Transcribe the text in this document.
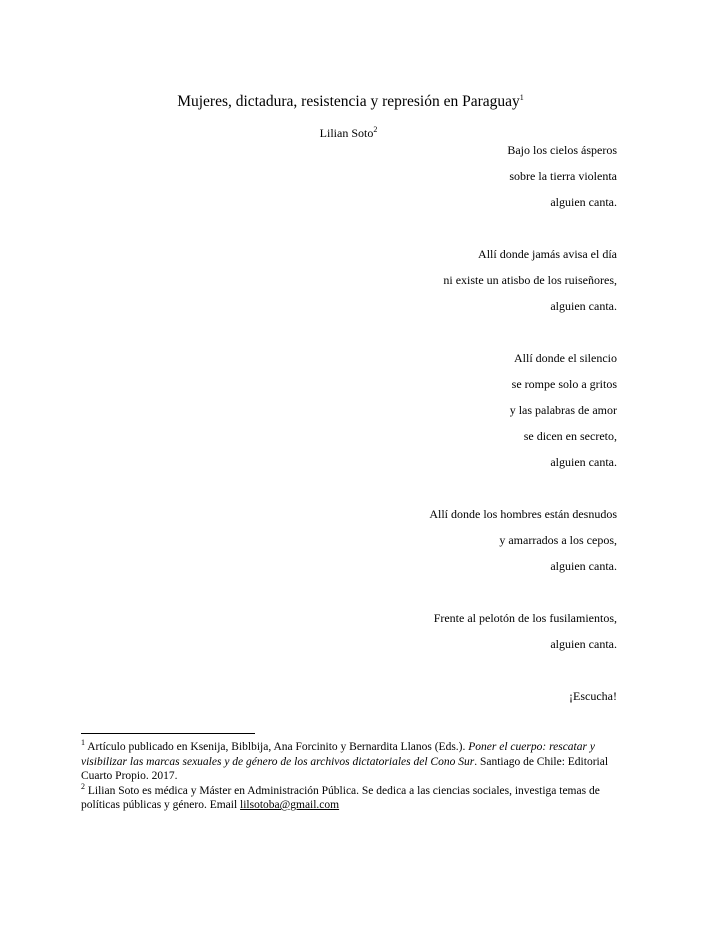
Mujeres, dictadura, resistencia y represión en Paraguay$^1$
Lilian Soto$^2$
Bajo los cielos ásperos
sobre la tierra violenta
alguien canta.
Allí donde jamás avisa el día
ni existe un atisbo de los ruiseñores,
alguien canta.
Allí donde el silencio
se rompe solo a gritos
y las palabras de amor
se dicen en secreto,
alguien canta.
Allí donde los hombres están desnudos
y amarrados a los cepos,
alguien canta.
Frente al pelotón de los fusilamientos,
alguien canta.
¡Escucha!

$^1$ Artículo publicado en Ksenija, Biblbija, Ana Forcinito y Bernardita Llanos (Eds.). Poner el cuerpo: rescatar y visibilizar las marcas sexuales y de género de los archivos dictatoriales del Cono Sur. Santiago de Chile: Editorial Cuarto Propio. 2017.

$^2$ Lilian Soto es médica y Máster en Administración Pública. Se dedica a las ciencias sociales, investiga temas de políticas públicas y género. Email lilsotoba@gmail.com
